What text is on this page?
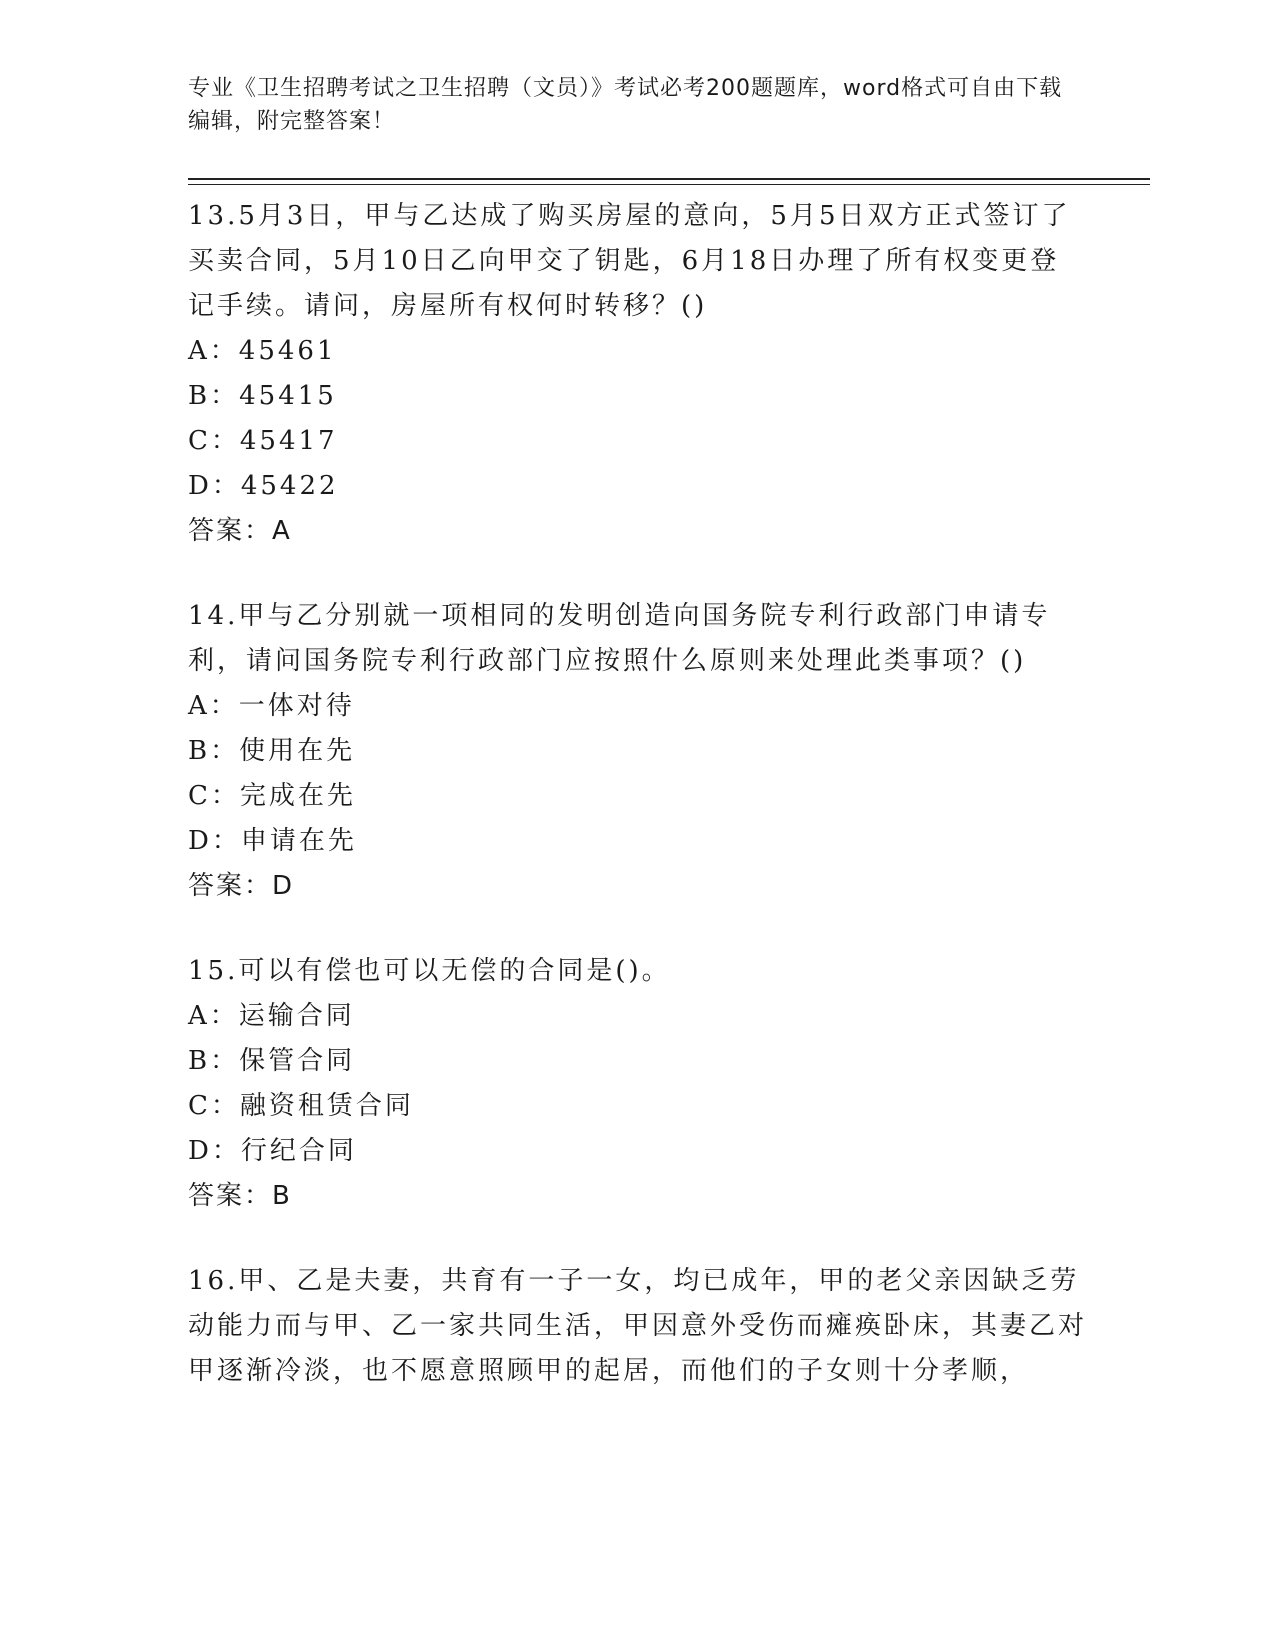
专业《卫生招聘考试之卫生招聘（文员）》考试必考200题题库，word格式可自由下载编辑，附完整答案！
13.5月3日，甲与乙达成了购买房屋的意向，5月5日双方正式签订了买卖合同，5月10日乙向甲交了钥匙，6月18日办理了所有权变更登记手续。请问，房屋所有权何时转移？()
A：45461
B：45415
C：45417
D：45422
答案：A
14.甲与乙分别就一项相同的发明创造向国务院专利行政部门申请专利，请问国务院专利行政部门应按照什么原则来处理此类事项？()
A：一体对待
B：使用在先
C：完成在先
D：申请在先
答案：D
15.可以有偿也可以无偿的合同是()。
A：运输合同
B：保管合同
C：融资租赁合同
D：行纪合同
答案：B
16.甲、乙是夫妻，共育有一子一女，均已成年，甲的老父亲因缺乏劳动能力而与甲、乙一家共同生活，甲因意外受伤而瘫痪卧床，其妻乙对甲逐渐冷淡，也不愿意照顾甲的起居，而他们的子女则十分孝顺，
